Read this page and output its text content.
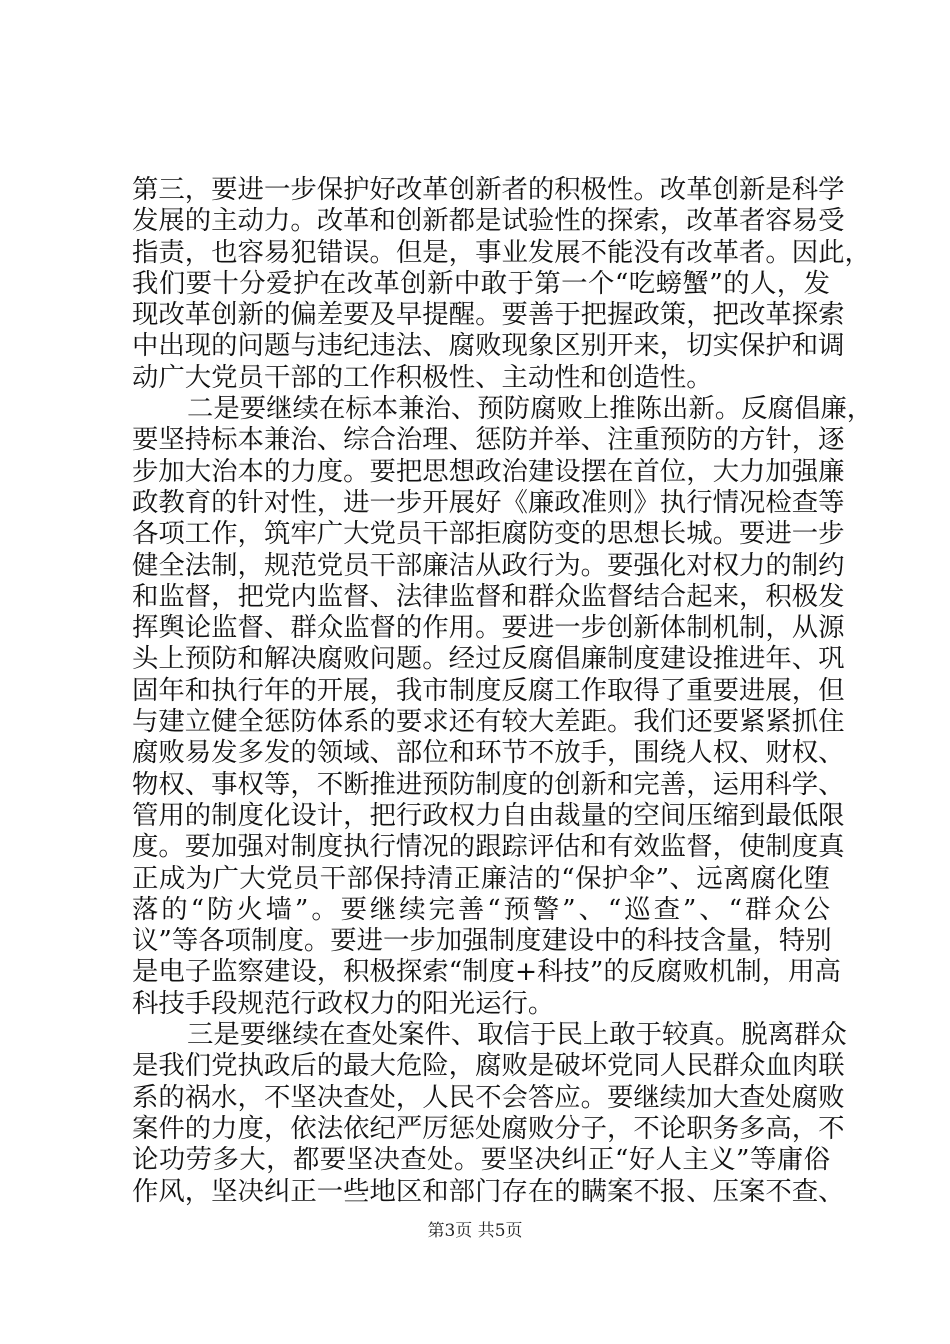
第三，要进一步保护好改革创新者的积极性。改革创新是科学
发展的主动力。改革和创新都是试验性的探索，改革者容易受
指责，也容易犯错误。但是，事业发展不能没有改革者。因此，
我们要十分爱护在改革创新中敢于第一个“吃螃蟹”的人，发
现改革创新的偏差要及早提醒。要善于把握政策，把改革探索
中出现的问题与违纪违法、腐败现象区别开来，切实保护和调
动广大党员干部的工作积极性、主动性和创造性。
二是要继续在标本兼治、预防腐败上推陈出新。反腐倡廉，
要坚持标本兼治、综合治理、惩防并举、注重预防的方针，逐
步加大治本的力度。要把思想政治建设摆在首位，大力加强廉
政教育的针对性，进一步开展好《廉政准则》执行情况检查等
各项工作，筑牢广大党员干部拒腐防变的思想长城。要进一步
健全法制，规范党员干部廉洁从政行为。要强化对权力的制约
和监督，把党内监督、法律监督和群众监督结合起来，积极发
挥舆论监督、群众监督的作用。要进一步创新体制机制，从源
头上预防和解决腐败问题。经过反腐倡廉制度建设推进年、巩
固年和执行年的开展，我市制度反腐工作取得了重要进展，但
与建立健全惩防体系的要求还有较大差距。我们还要紧紧抓住
腐败易发多发的领域、部位和环节不放手，围绕人权、财权、
物权、事权等，不断推进预防制度的创新和完善，运用科学、
管用的制度化设计，把行政权力自由裁量的空间压缩到最低限
度。要加强对制度执行情况的跟踪评估和有效监督，使制度真
正成为广大党员干部保持清正廉洁的“保护伞”、远离腐化堕
落的“防火墙”。要继续完善“预警”、“巡查”、“群众公
议”等各项制度。要进一步加强制度建设中的科技含量，特别
是电子监察建设，积极探索“制度+科技”的反腐败机制，用高
科技手段规范行政权力的阳光运行。
三是要继续在查处案件、取信于民上敢于较真。脱离群众
是我们党执政后的最大危险，腐败是破坏党同人民群众血肉联
系的祸水，不坚决查处，人民不会答应。要继续加大查处腐败
案件的力度，依法依纪严厉惩处腐败分子，不论职务多高，不
论功劳多大，都要坚决查处。要坚决纠正“好人主义”等庸俗
作风，坚决纠正一些地区和部门存在的瞒案不报、压案不查、
第3页 共5页
